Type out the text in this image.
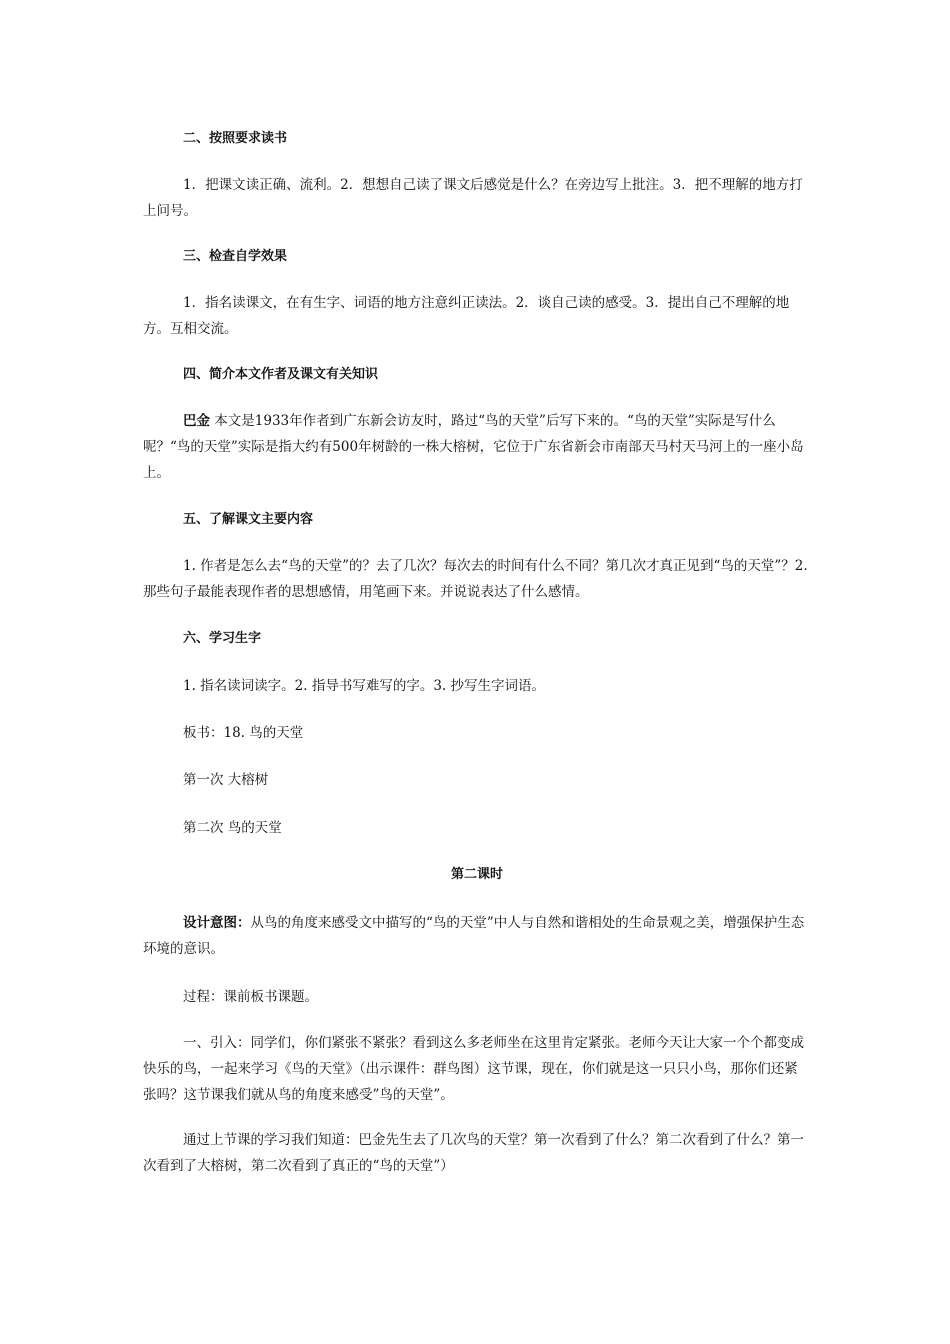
二、按照要求读书

1．把课文读正确、流利。2．想想自己读了课文后感觉是什么？在旁边写上批注。3．把不理解的地方打上问号。

三、检查自学效果

1．指名读课文，在有生字、词语的地方注意纠正读法。2．谈自己读的感受。3．提出自己不理解的地方。互相交流。

四、简介本文作者及课文有关知识

巴金 本文是1933年作者到广东新会访友时，路过“鸟的天堂”后写下来的。“鸟的天堂”实际是写什么呢？“鸟的天堂”实际是指大约有500年树龄的一株大榕树，它位于广东省新会市南部天马村天马河上的一座小岛上。

五、了解课文主要内容

1. 作者是怎么去“鸟的天堂”的？去了几次？每次去的时间有什么不同？第几次才真正见到“鸟的天堂”？2. 那些句子最能表现作者的思想感情，用笔画下来。并说说表达了什么感情。

六、学习生字

1. 指名读词读字。2. 指导书写难写的字。3. 抄写生字词语。

板书：18. 鸟的天堂

第一次 大榕树

第二次 鸟的天堂

第二课时

设计意图：从鸟的角度来感受文中描写的“鸟的天堂”中人与自然和谐相处的生命景观之美，增强保护生态环境的意识。

过程：课前板书课题。

一、引入：同学们，你们紧张不紧张？看到这么多老师坐在这里肯定紧张。老师今天让大家一个个都变成快乐的鸟，一起来学习《鸟的天堂》（出示课件：群鸟图）这节课，现在，你们就是这一只只小鸟，那你们还紧张吗？这节课我们就从鸟的角度来感受”鸟的天堂”。

通过上节课的学习我们知道：巴金先生去了几次鸟的天堂？第一次看到了什么？第二次看到了什么？第一次看到了大榕树，第二次看到了真正的“鸟的天堂”）
